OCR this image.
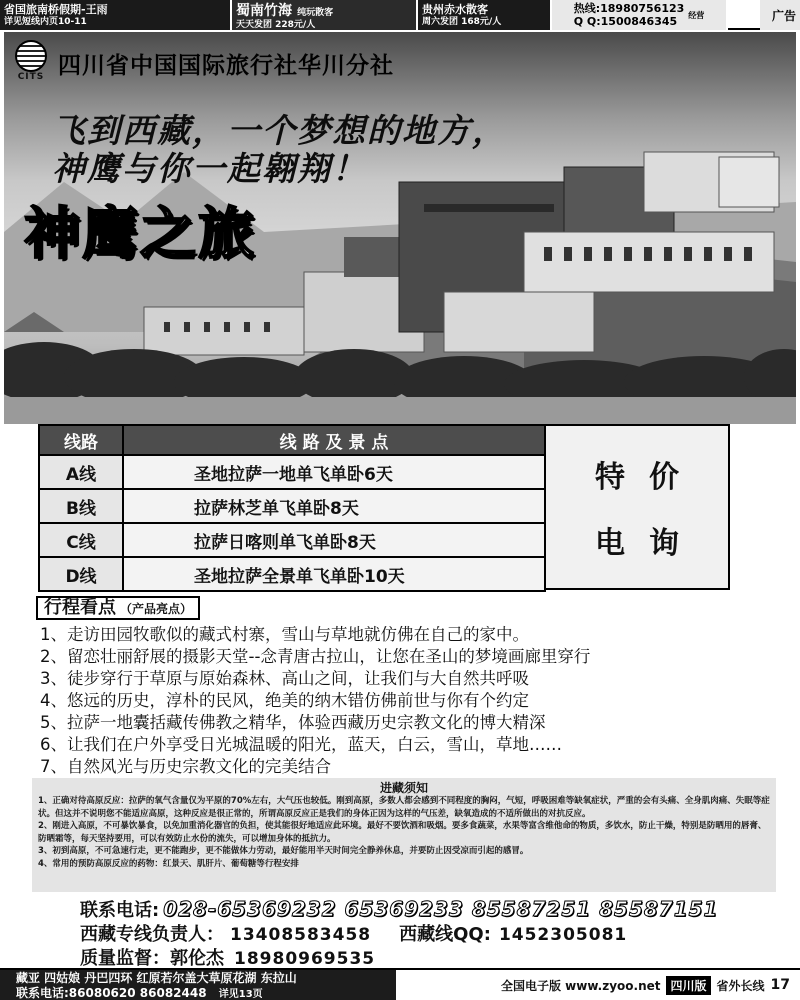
省国旅南桥假期-王雨
详见短线内页10-11
蜀南竹海 纯玩散客
天天发团 228元/人
贵州赤水散客
周六发团 168元/人
热线:18980756123
Q Q:1500846345	经营	广告
CITS 四川省中国国际旅行社华川分社
飞到西藏，一个梦想的地方，
神鹰与你一起翱翔！
神鹰之旅
线路	线 路 及 景 点
A线	圣地拉萨一地单飞单卧6天
B线	拉萨林芝单飞单卧8天
C线	拉萨日喀则单飞单卧8天
D线	圣地拉萨全景单飞单卧10天
特价
电询
行程看点 （产品亮点）
1、走访田园牧歌似的藏式村寨，雪山与草地就仿佛在自己的家中。
2、留恋壮丽舒展的摄影天堂--念青唐古拉山，让您在圣山的梦境画廊里穿行
3、徒步穿行于草原与原始森林、高山之间，让我们与大自然共呼吸
4、悠远的历史，淳朴的民风，绝美的纳木错仿佛前世与你有个约定
5、拉萨一地囊括藏传佛教之精华，体验西藏历史宗教文化的博大精深
6、让我们在户外享受日光城温暖的阳光，蓝天，白云，雪山，草地……
7、自然风光与历史宗教文化的完美结合
进藏须知

1、正确对待高原反应：拉萨的氧气含量仅为平原的70%左右，大气压也较低。刚到高原，多数人都会感到不同程度的胸闷，气短，呼吸困难等缺氧症状，严重的会有头痛、全身肌肉痛、失眠等症状。但这并不说明您不能适应高原，这种反应是很正常的，所谓高原反应正是我们的身体正因为这样的气压差，缺氧造成的不适所做出的对抗反应。

2、刚进入高原，不可暴饮暴食，以免加重消化器官的负担，使其能很好地适应此环境。最好不要饮酒和吸烟。要多食蔬菜，水果等富含维他命的物质，多饮水，防止干燥，特别是防晒用的唇膏、防晒霜等，每天坚持要用，可以有效防止水份的流失，可以增加身体的抵抗力。

3、初到高原，不可急速行走，更不能跑步，更不能做体力劳动，最好能用半天时间完全静养休息，并要防止因受凉而引起的感冒。

4、常用的预防高原反应的药物：红景天、肌肝片、葡萄糖等行程安排

联系电话: 028-65369232 65369233 85587251 85587151
西藏专线负责人： 13408583458 西藏线QQ: 1452305081
质量监督： 郭伦杰 18980969535
藏亚 四姑娘 丹巴四环 红原若尔盖大草原花湖 东拉山
联系电话:86080620 86082448 详见13页
全国电子版 www.zyoo.net 四川版 省外长线 17
